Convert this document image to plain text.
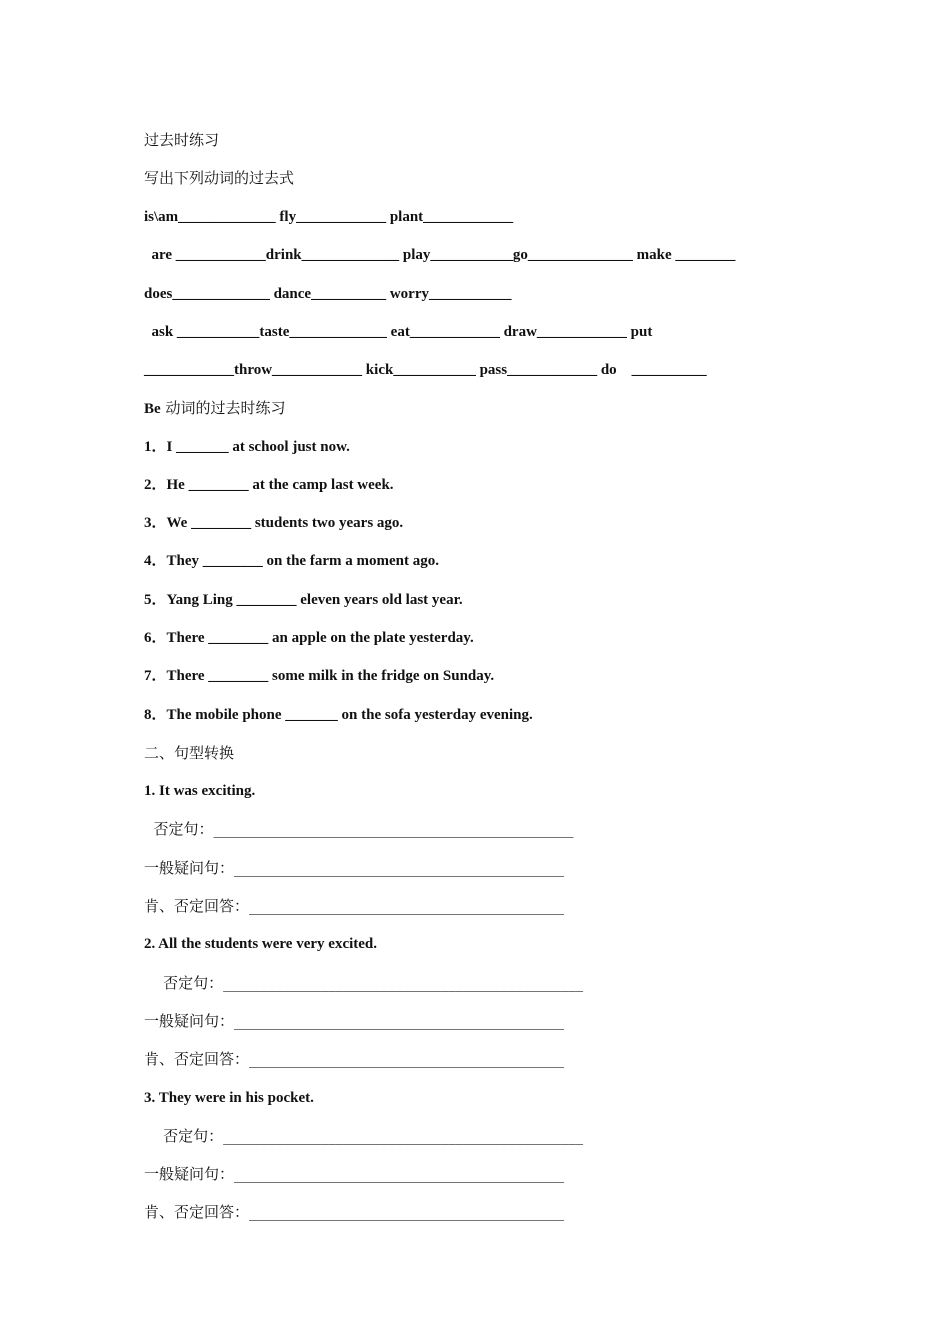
过去时练习
写出下列动词的过去式
is\am_____________ fly____________ plant____________
are ____________drink_____________ play___________go______________ make ________
does_____________ dance__________ worry___________
ask ___________taste_____________ eat____________ draw____________ put
____________throw____________ kick___________ pass____________ do    __________
Be 动词的过去时练习
1．I _______ at school just now.
2．He ________ at the camp last week.
3．We ________ students two years ago.
4．They ________ on the farm a moment ago.
5．Yang Ling ________ eleven years old last year.
6．There ________ an apple on the plate yesterday.
7．There ________ some milk in the fridge on Sunday.
8．The mobile phone _______ on the sofa yesterday evening.
二、句型转换
1. It was exciting.
否定句：________________________________________________
一般疑问句：____________________________________________
肯、否定回答：__________________________________________
2. All the students were very excited.
否定句：________________________________________________
一般疑问句：____________________________________________
肯、否定回答：__________________________________________
3. They were in his pocket.
否定句：________________________________________________
一般疑问句：____________________________________________
肯、否定回答：__________________________________________
